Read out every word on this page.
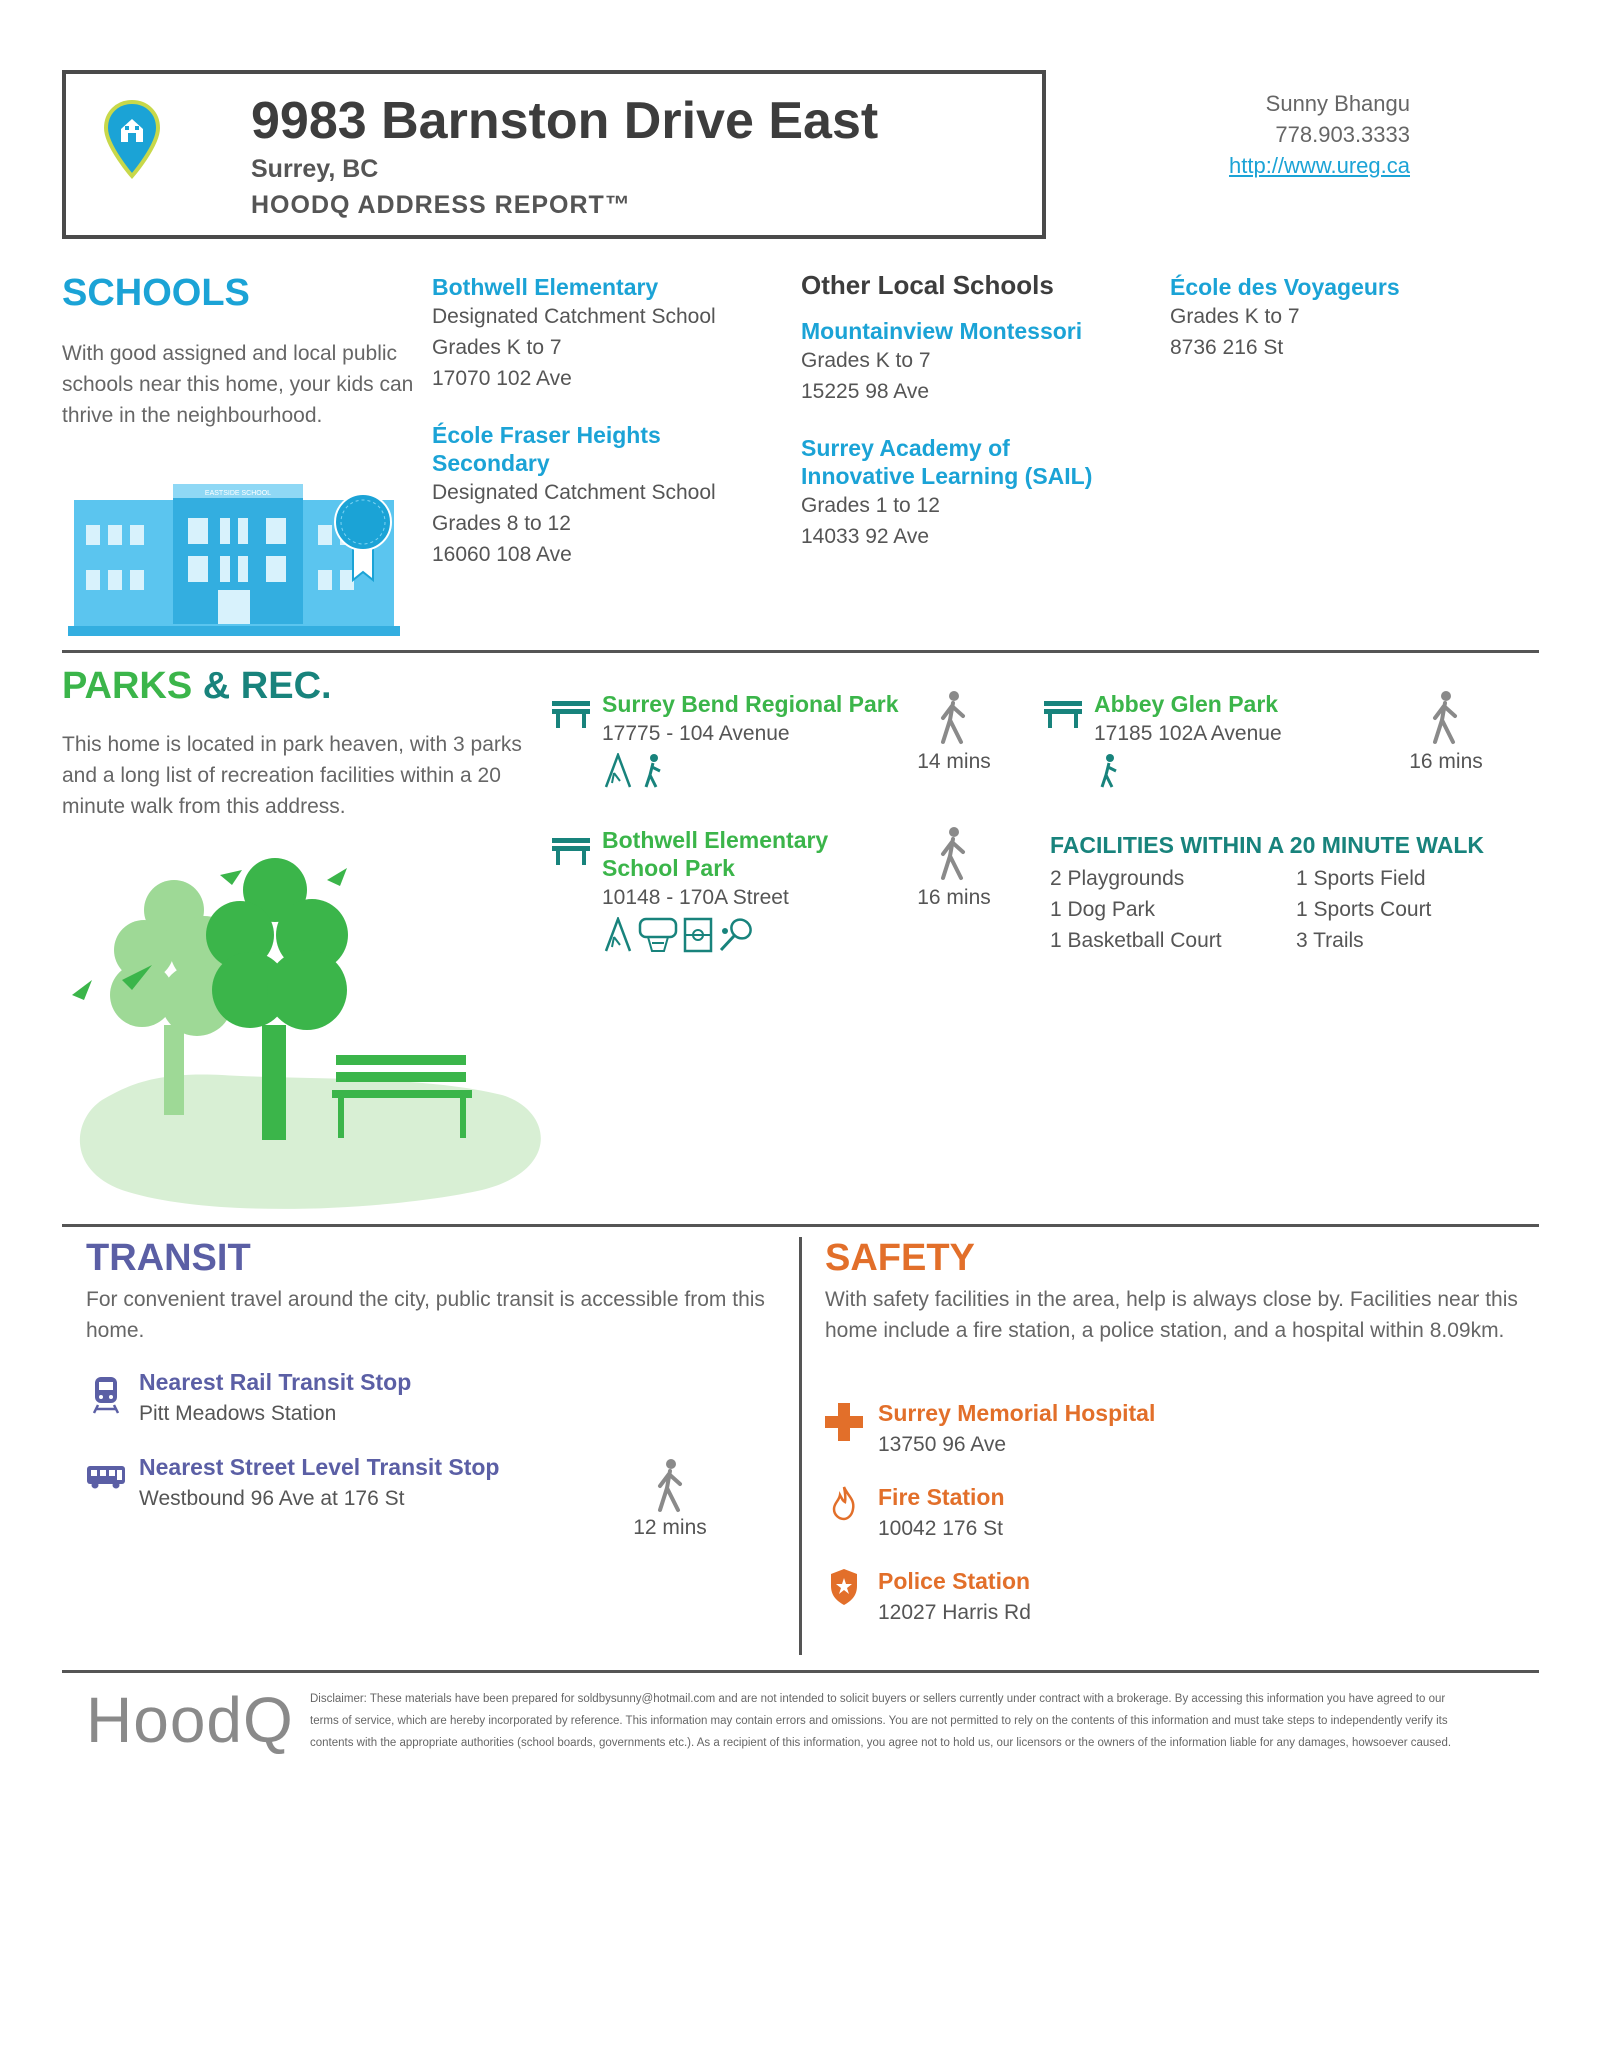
9983 Barnston Drive East
Surrey, BC
HOODQ ADDRESS REPORT™
Sunny Bhangu
778.903.3333
http://www.ureg.ca
SCHOOLS
With good assigned and local public schools near this home, your kids can thrive in the neighbourhood.
EASTSIDE SCHOOL
Bothwell Elementary
Designated Catchment School
Grades K to 7
17070 102 Ave
École Fraser Heights
Secondary
Designated Catchment School
Grades 8 to 12
16060 108 Ave
Other Local Schools
Mountainview Montessori
Grades K to 7
15225 98 Ave
Surrey Academy of
Innovative Learning (SAIL)
Grades 1 to 12
14033 92 Ave
École des Voyageurs
Grades K to 7
8736 216 St
PARKS & REC.
This home is located in park heaven, with 3 parks and a long list of recreation facilities within a 20 minute walk from this address.
Surrey Bend Regional Park
17775 - 104 Avenue

14 mins
Abbey Glen Park
17185 102A Avenue
16 mins
Bothwell Elementary
School Park
10148 - 170A Street
	16 mins
FACILITIES WITHIN A 20 MINUTE WALK
2 Playgrounds	1 Sports Field
1 Dog Park	1 Sports Court
1 Basketball Court	3 Trails
TRANSIT
For convenient travel around the city, public transit is accessible from this home.
Nearest Rail Transit Stop
Pitt Meadows Station
Nearest Street Level Transit Stop
Westbound 96 Ave at 176 St
12 mins
SAFETY
With safety facilities in the area, help is always close by. Facilities near this home include a fire station, a police station, and a hospital within 8.09km.
Surrey Memorial Hospital
13750 96 Ave
Fire Station
10042 176 St
Police Station
12027 Harris Rd
HoodQ Disclaimer: These materials have been prepared for soldbysunny@hotmail.com and are not intended to solicit buyers or sellers currently under contract with a brokerage. By accessing this information you have agreed to our
terms of service, which are hereby incorporated by reference. This information may contain errors and omissions. You are not permitted to rely on the contents of this information and must take steps to independently verify its
contents with the appropriate authorities (school boards, governments etc.). As a recipient of this information, you agree not to hold us, our licensors or the owners of the information liable for any damages, howsoever caused.
